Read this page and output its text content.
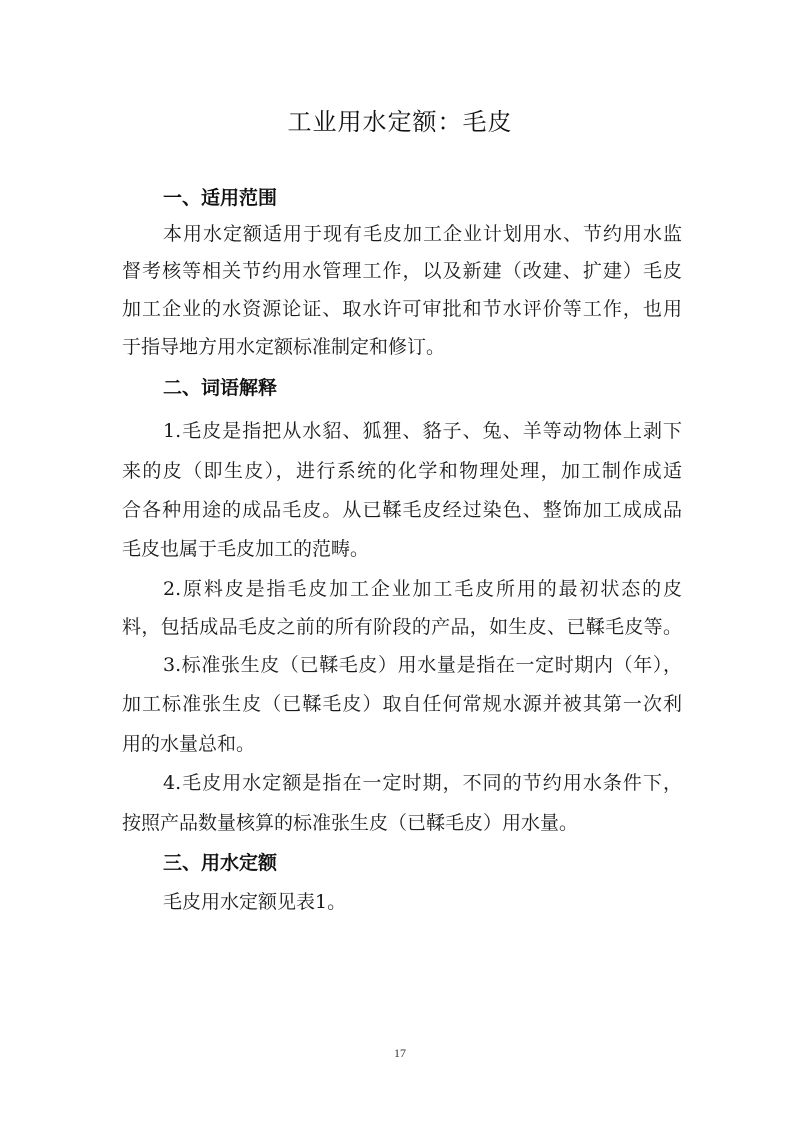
工业用水定额：毛皮
一、适用范围
本用水定额适用于现有毛皮加工企业计划用水、节约用水监
督考核等相关节约用水管理工作，以及新建（改建、扩建）毛皮
加工企业的水资源论证、取水许可审批和节水评价等工作，也用
于指导地方用水定额标准制定和修订。
二、词语解释
1.毛皮是指把从水貂、狐狸、貉子、兔、羊等动物体上剥下
来的皮（即生皮），进行系统的化学和物理处理，加工制作成适
合各种用途的成品毛皮。从已鞣毛皮经过染色、整饰加工成成品
毛皮也属于毛皮加工的范畴。
2.原料皮是指毛皮加工企业加工毛皮所用的最初状态的皮
料，包括成品毛皮之前的所有阶段的产品，如生皮、已鞣毛皮等。
3.标准张生皮（已鞣毛皮）用水量是指在一定时期内（年），
加工标准张生皮（已鞣毛皮）取自任何常规水源并被其第一次利
用的水量总和。
4.毛皮用水定额是指在一定时期，不同的节约用水条件下，
按照产品数量核算的标准张生皮（已鞣毛皮）用水量。
三、用水定额
毛皮用水定额见表1。
17
